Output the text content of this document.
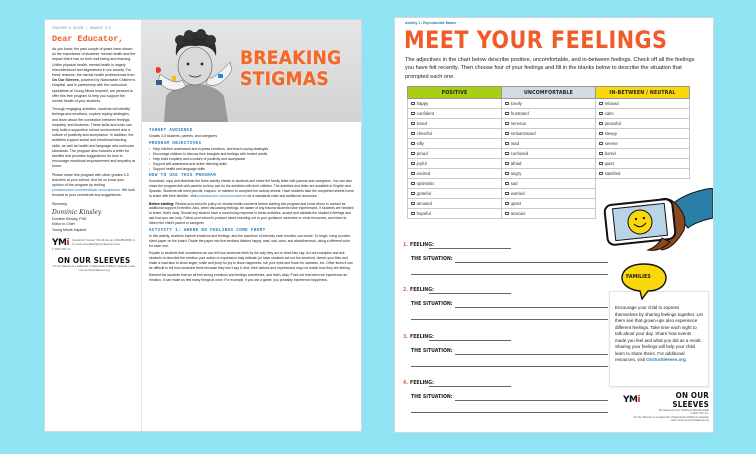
TEACHER'S GUIDE / GRADES 3-5
Dear Educator,

As you know, the past couple of years have shown us the importance of students' mental health and the impact that it has on their well-being and learning. Unlike physical health, mental health is largely misunderstood and stigmatized in our society. For these reasons, the mental health professionals from On Our Sleeves, powered by Nationwide Children's Hospital, and in partnership with the curriculum specialists at Young Minds Inspired, are pleased to offer this free program to help you support the mental health of your students.

Through engaging activities, students will identify feelings and emotions, explore coping strategies, and learn about the connection between feelings, empathy, and kindness. These skills and tools can help build a supportive school environment and a culture of positivity and acceptance. In addition, the activities support social and emotional learning skills, as well as health and language arts curricular standards. The program also includes a letter for families that provides suggestions for how to encourage emotional empowerment and empathy at home.

Please share this program with other grades 3-5 teachers at your school. And let us know your opinion of the program by visiting ymiclassroom.com/feedback-onoursleeves. We look forward to your comments and suggestions.

Sincerely,

Dominic Kinsley
Dominic Kinsley, PhD
Editor in Chief
Young Minds Inspired
YMi Questions? Contact YMI toll-free at 1-800-859-8005, or by email at feedback@ymiclassroom.com.
© 2022 YMI, Inc.
ON OUR SLEEVES
On Our Sleeves is a trademark of Nationwide Children's Hospital. Learn more at OnOurSleeves.org
BREAKING
STIGMAS
TARGET AUDIENCE
Grades 3-5 students, parents, and caregivers
PROGRAM OBJECTIVES
• Help children understand and express emotions, and teach coping strategies
• Encourage children to discuss their thoughts and feelings with trusted adults
• Help build empathy and a culture of positivity and acceptance
• Support self-awareness and active listening skills
• Support health and language skills
HOW TO USE THIS PROGRAM

Download, copy and distribute the three activity sheets to students and share the family letter with parents and caregivers. You can also share the program link with parents so they can do the activities with their children. The activities and letter are available in English and Spanish. Students will need pencils, crayons, or markers to complete the activity sheets. Have students take the completed sheets home to share with their families. Visit ymiclassroom.com/onoursleeves for a standards chart and additional resources.

Before starting: Review your school's policy on mental health concerns before starting this program and know whom to contact for additional support if needed. Also, when discussing feelings, be aware of any trauma students have experienced. If students are hesitant to share, that's okay. Should any student have a concerning response to these activities, accept and validate the student's feelings and ask how you can help. Follow your school's protocol about reaching out to your guidance counselor or crisis resources, and when to inform the child's parent or caregiver.

ACTIVITY 1: WHERE DO FEELINGS COME FROM?

In this activity, students explore emotions and feelings, and the spectrum of intensity each emotion can evoke. To begin, hang a poster-sized paper on the board. Divide the paper into five sections labeled happy, mad, sad, calm, and afraid/nervous, using a different color for each one.

Explain to students that sometimes we can tell how someone feels by the way they act or what they say. Act out examples and ask students to describe the emotion your action or expression may indicate (or have students act out the emotion): clench your fists and make a mad face to show anger; smile and jump for joy to show happiness; rub your eyes and frown for sadness, etc. Other times it can be difficult to tell how someone feels because they don't say it. And, their actions and expressions may not match how they are feeling.

Remind the students that we all feel strong emotions and feelings sometimes, and that's okay. Point out that when we experience an emotion, it can make us feel many things at once. For example, if you win a game, you probably experience happiness,

Activity 1 - Reproducible Master
MEET YOUR FEELINGS
The adjectives in the chart below describe positive, uncomfortable, and in-between feelings. Check off all the feelings you have felt recently. Then choose four of your feelings and fill in the blanks below to describe the situation that prompted each one.
POSITIVE	UNCOMFORTABLE	IN-BETWEEN / NEUTRAL
happy	lonely	relaxed
confident	frustrated	calm
loved	nervous	peaceful
cheerful	embarrassed	sleepy
silly	mad	serene
proud	confused	bored
joyful	afraid	quiet
excited	angry	satisfied
optimistic	sad	
grateful	worried	
amused	upset	
hopeful	anxious	
Encourage your child to express themselves by sharing feelings together. Let them see that grown-ups also experience different feelings. Take time each night to talk about your day. Share how events made you feel and what you did as a result. Sharing your feelings will help your child learn to share theirs. For additional resources, visit OnOurSleeves.org.
FAMILIES
YMi	ON OUR SLEEVES
The Movement For Children's Mental Health
© 2022 YMI, Inc.
On Our Sleeves' is a trademark of Nationwide Children's Hospital.
Learn more at OnOurSleeves.org
1. FEELING:
THE SITUATION:
2. FEELING:
THE SITUATION:
3. FEELING:
THE SITUATION:
4. FEELING:
THE SITUATION:
